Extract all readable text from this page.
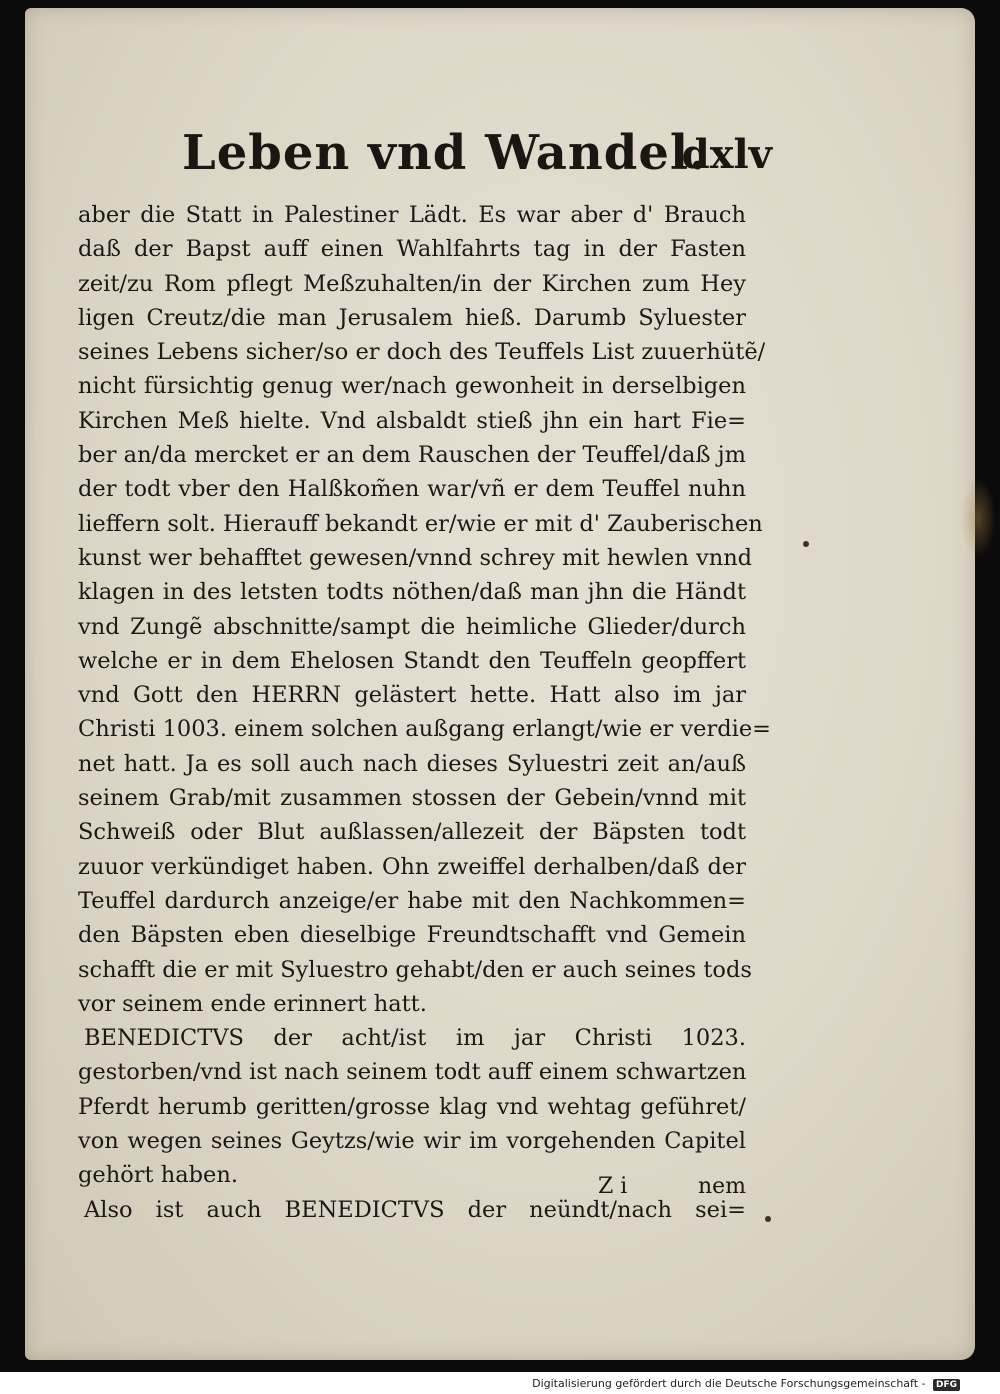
Leben vnd Wandel.
dxlv
aber die Statt in Palestiner Lädt. Es war aber d' Brauch
daß der Bapst auff einen Wahlfahrts tag in der Fasten
zeit/zu Rom pflegt Meßzuhalten/in der Kirchen zum Hey
ligen Creutz/die man Jerusalem hieß. Darumb Syluester
seines Lebens sicher/so er doch des Teuffels List zuuerhütẽ/
nicht fürsichtig genug wer/nach gewonheit in derselbigen
Kirchen Meß hielte. Vnd alsbaldt stieß jhn ein hart Fie=
ber an/da mercket er an dem Rauschen der Teuffel/daß jm
der todt vber den Halßkom̃en war/vñ er dem Teuffel nuhn
lieffern solt. Hierauff bekandt er/wie er mit d' Zauberischen
kunst wer behafftet gewesen/vnnd schrey mit hewlen vnnd
klagen in des letsten todts nöthen/daß man jhn die Händt
vnd Zungẽ abschnitte/sampt die heimliche Glieder/durch
welche er in dem Ehelosen Standt den Teuffeln geopffert
vnd Gott den HERRN gelästert hette. Hatt also im jar
Christi 1003. einem solchen außgang erlangt/wie er verdie=
net hatt. Ja es soll auch nach dieses Syluestri zeit an/auß
seinem Grab/mit zusammen stossen der Gebein/vnnd mit
Schweiß oder Blut außlassen/allezeit der Bäpsten todt
zuuor verkündiget haben. Ohn zweiffel derhalben/daß der
Teuffel dardurch anzeige/er habe mit den Nachkommen=
den Bäpsten eben dieselbige Freundtschafft vnd Gemein
schafft die er mit Syluestro gehabt/den er auch seines tods
vor seinem ende erinnert hatt.
BENEDICTVS der acht/ist im jar Christi 1023.
gestorben/vnd ist nach seinem todt auff einem schwartzen
Pferdt herumb geritten/grosse klag vnd wehtag geführet/
von wegen seines Geytzs/wie wir im vorgehenden Capitel
gehört haben.
Also ist auch BENEDICTVS der neündt/nach sei=
Z i	nem
Digitalisierung gefördert durch die Deutsche Forschungsgemeinschaft - DFG
